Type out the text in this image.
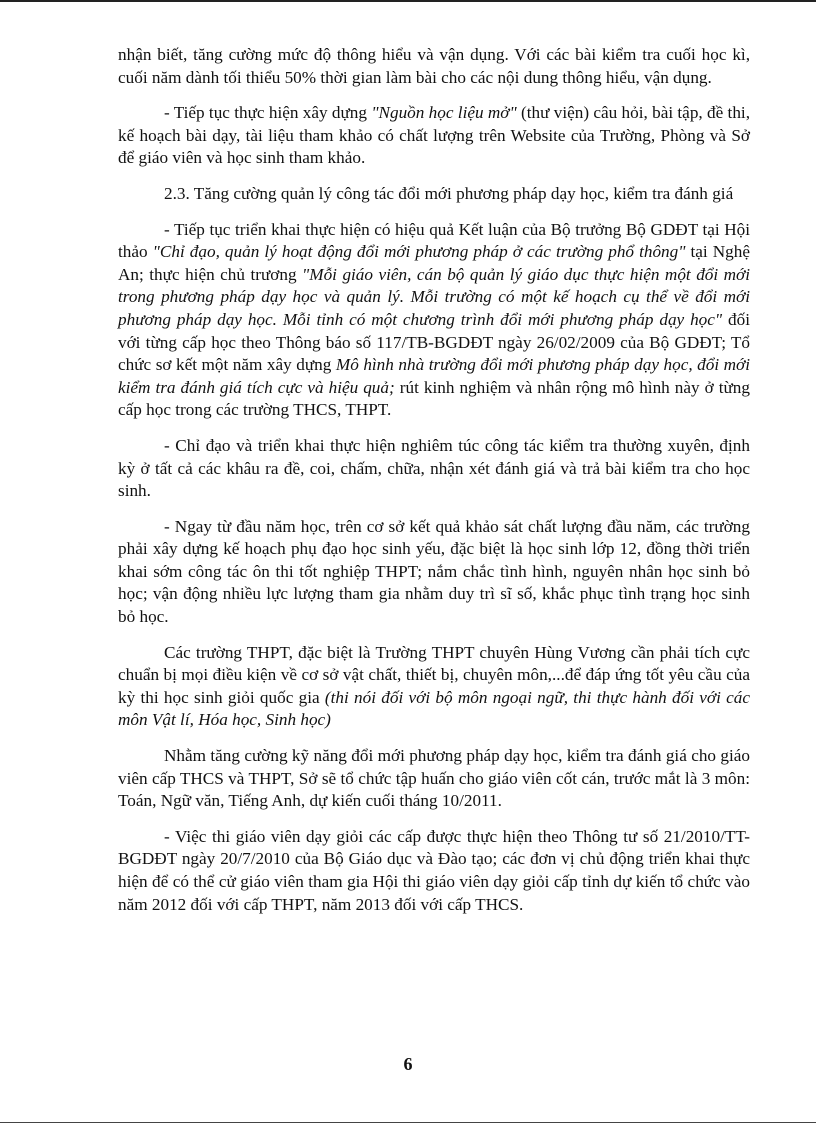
nhận biết, tăng cường mức độ thông hiểu và vận dụng. Với các bài kiểm tra cuối học kì, cuối năm dành tối thiểu 50% thời gian làm bài cho các nội dung thông hiểu, vận dụng.

- Tiếp tục thực hiện xây dựng "Nguồn học liệu mở" (thư viện) câu hỏi, bài tập, đề thi, kế hoạch bài dạy, tài liệu tham khảo có chất lượng trên Website của Trường, Phòng và Sở để giáo viên và học sinh tham khảo.

2.3. Tăng cường quản lý công tác đổi mới phương pháp dạy học, kiểm tra đánh giá

- Tiếp tục triển khai thực hiện có hiệu quả Kết luận của Bộ trưởng Bộ GDĐT tại Hội thảo "Chỉ đạo, quản lý hoạt động đổi mới phương pháp ở các trường phổ thông" tại Nghệ An; thực hiện chủ trương "Mỗi giáo viên, cán bộ quản lý giáo dục thực hiện một đổi mới trong phương pháp dạy học và quản lý. Mỗi trường có một kế hoạch cụ thể về đổi mới phương pháp dạy học. Mỗi tỉnh có một chương trình đổi mới phương pháp dạy học" đối với từng cấp học theo Thông báo số 117/TB-BGDĐT ngày 26/02/2009 của Bộ GDĐT; Tổ chức sơ kết một năm xây dựng Mô hình nhà trường đổi mới phương pháp dạy học, đổi mới kiểm tra đánh giá tích cực và hiệu quả; rút kinh nghiệm và nhân rộng mô hình này ở từng cấp học trong các trường THCS, THPT.

- Chỉ đạo và triển khai thực hiện nghiêm túc công tác kiểm tra thường xuyên, định kỳ ở tất cả các khâu ra đề, coi, chấm, chữa, nhận xét đánh giá và trả bài kiểm tra cho học sinh.

- Ngay từ đầu năm học, trên cơ sở kết quả khảo sát chất lượng đầu năm, các trường phải xây dựng kế hoạch phụ đạo học sinh yếu, đặc biệt là học sinh lớp 12, đồng thời triển khai sớm công tác ôn thi tốt nghiệp THPT; nắm chắc tình hình, nguyên nhân học sinh bỏ học; vận động nhiều lực lượng tham gia nhằm duy trì sĩ số, khắc phục tình trạng học sinh bỏ học.

Các trường THPT, đặc biệt là Trường THPT chuyên Hùng Vương cần phải tích cực chuẩn bị mọi điều kiện về cơ sở vật chất, thiết bị, chuyên môn,...để đáp ứng tốt yêu cầu của kỳ thi học sinh giỏi quốc gia (thi nói đối với bộ môn ngoại ngữ, thi thực hành đối với các môn Vật lí, Hóa học, Sinh học)

Nhằm tăng cường kỹ năng đổi mới phương pháp dạy học, kiểm tra đánh giá cho giáo viên cấp THCS và THPT, Sở sẽ tổ chức tập huấn cho giáo viên cốt cán, trước mắt là 3 môn: Toán, Ngữ văn, Tiếng Anh, dự kiến cuối tháng 10/2011.

- Việc thi giáo viên dạy giỏi các cấp được thực hiện theo Thông tư số 21/2010/TT-BGDĐT ngày 20/7/2010 của Bộ Giáo dục và Đào tạo; các đơn vị chủ động triển khai thực hiện để có thể cử giáo viên tham gia Hội thi giáo viên dạy giỏi cấp tỉnh dự kiến tổ chức vào năm 2012 đối với cấp THPT, năm 2013 đối với cấp THCS.

6
